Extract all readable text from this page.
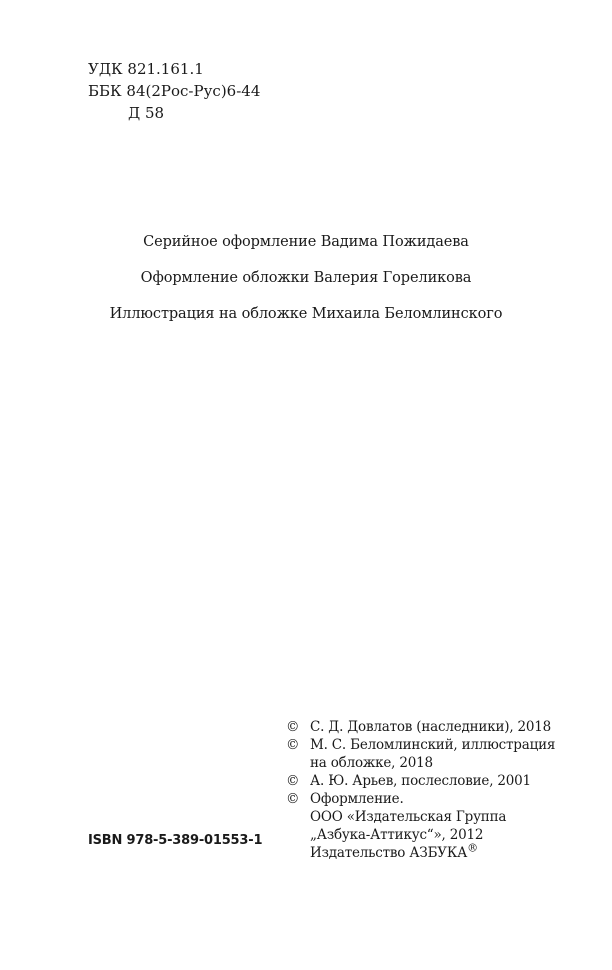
УДК 821.161.1
ББК 84(2Рос-Рус)6-44
Д 58
Серийное оформление Вадима Пожидаева
Оформление обложки Валерия Гореликова
Иллюстрация на обложке Михаила Беломлинского
© С. Д. Довлатов (наследники), 2018
© М. С. Беломлинский, иллюстрация
на обложке, 2018
© А. Ю. Арьев, послесловие, 2001
© Оформление.
ООО «Издательская Группа
„Азбука-Аттикус“», 2012
Издательство АЗБУКА®
ISBN 978-5-389-01553-1
